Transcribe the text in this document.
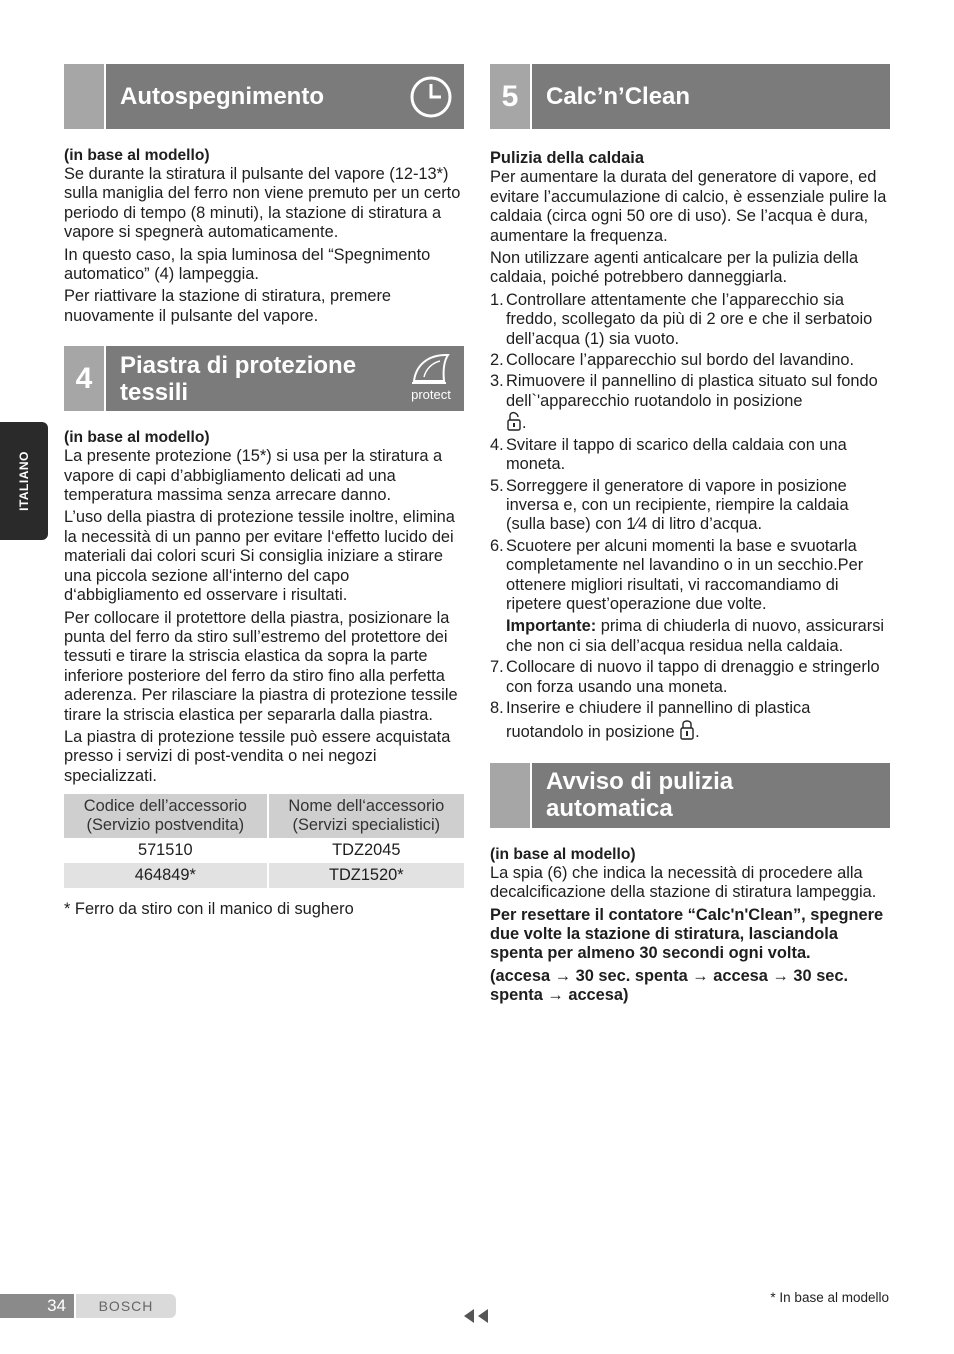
ITALIANO
Autospegnimento

(in base al modello)

Se durante la stiratura il pulsante del vapore (12-13*) sulla maniglia del ferro non viene premuto per un certo periodo di tempo (8 minuti), la stazione di stiratura a vapore si spegnerà automaticamente.

In questo caso, la spia luminosa del “Spegnimento automatico” (4) lampeggia.

Per riattivare la stazione di stiratura, premere nuovamente il pulsante del vapore.

4	Piastra di protezione tessili	protect

(in base al modello)

La presente protezione (15*) si usa per la stiratura a vapore di capi d’abbigliamento delicati ad una temperatura massima senza arrecare danno.

L’uso della piastra di protezione tessile inoltre, elimina la necessità di un panno per evitare l‘effetto lucido dei materiali dai colori scuri Si consiglia iniziare a stirare una piccola sezione all‘interno del capo d‘abbigliamento ed osservare i risultati.

Per collocare il protettore della piastra, posizionare la punta del ferro da stiro sull’estremo del protettore dei tessuti e tirare la striscia elastica da sopra la parte inferiore posteriore del ferro da stiro fino alla perfetta aderenza. Per rilasciare la piastra di protezione tessile tirare la striscia elastica per separarla dalla piastra.

La piastra di protezione tessile può essere acquistata presso i servizi di post-vendita o nei negozi specializzati.

Codice dell’accessorio (Servizio postvendita)	Nome dell‘accessorio (Servizi specialistici)
571510	TDZ2045
464849*	TDZ1520*

* Ferro da stiro con il manico di sughero

5	Calc’n’Clean

Pulizia della caldaia

Per aumentare la durata del generatore di vapore, ed evitare l’accumulazione di calcio, è essenziale pulire la caldaia (circa ogni 50 ore di uso). Se l’acqua è dura, aumentare la frequenza.

Non utilizzare agenti anticalcare per la pulizia della caldaia, poiché potrebbero danneggiarla.

1. Controllare attentamente che l’apparecchio sia freddo, scollegato da più di 2 ore e che il serbatoio dell’acqua (1) sia vuoto.
2. Collocare l’apparecchio sul bordo del lavandino.
3. Rimuovere il pannellino di plastica situato sul fondo dell`'apparecchio ruotandolo in posizione
.
4. Svitare il tappo di scarico della caldaia con una moneta.
5. Sorreggere il generatore di vapore in posizione inversa e, con un recipiente, riempire la caldaia (sulla base) con 1⁄4 di litro d’acqua.
6. Scuotere per alcuni momenti la base e svuotarla completamente nel lavandino o in un secchio.Per ottenere migliori risultati, vi raccomandiamo di ripetere quest’operazione due volte.
Importante: prima di chiuderla di nuovo, assicurarsi che non ci sia dell’acqua residua nella caldaia.
7. Collocare di nuovo il tappo di drenaggio e stringerlo con forza usando una moneta.
8. Inserire e chiudere il pannellino di plastica ruotandolo in posizione .
Avviso di pulizia automatica

(in base al modello)

La spia (6) che indica la necessità di procedere alla decalcificazione della stazione di stiratura lampeggia.

Per resettare il contatore “Calc'n'Clean”, spegnere due volte la stazione di stiratura, lasciandola spenta per almeno 30 secondi ogni volta.

(accesa → 30 sec. spenta → accesa → 30 sec. spenta → accesa)

34	BOSCH
* In base al modello
